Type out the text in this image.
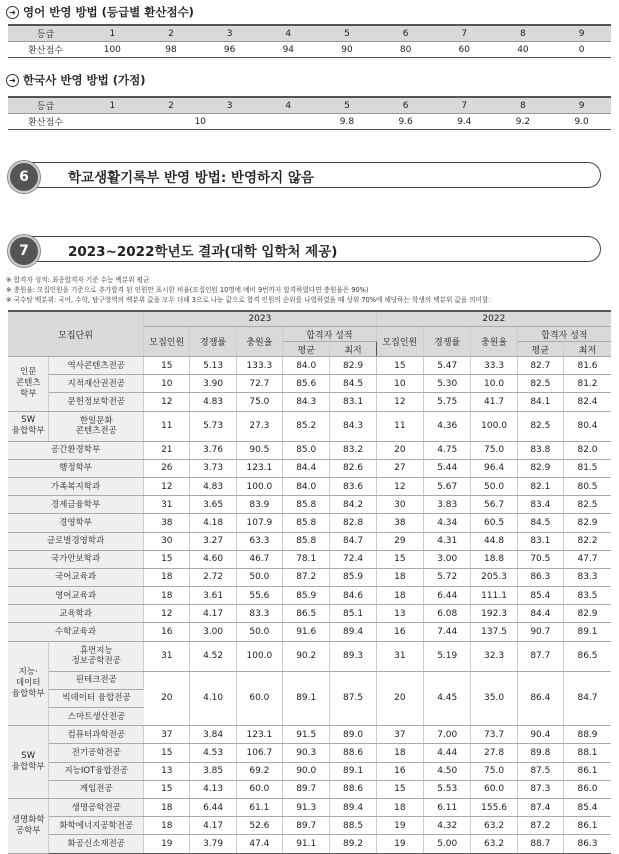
➜ 영어 반영 방법 (등급별 환산점수)
등급	1	2	3	4	5	6	7	8	9
환산점수	100	98	96	94	90	80	60	40	0
➜ 한국사 반영 방법 (가점)
등급	1	2	3	4	5	6	7	8	9
환산점수	10				9.8	9.6	9.4	9.2	9.0
6	학교생활기록부 반영 방법: 반영하지 않음
7	2023~2022학년도 결과(대학 입학처 제공)
※ 합격자 성적: 최종합격자 기준 수능 백분위 평균
※ 충원율: 모집인원을 기준으로 추가합격 된 인원만 표시한 비율(모집인원 10명에 예비 9번까지 합격하였다면 충원율은 90%)
※ 국수탐 백분위: 국어, 수학, 탐구영역의 백분위 값을 모두 더해 3으로 나눈 값으로 합격 인원의 순위를 나열하였을 때 상위 70%에 해당하는 학생의 백분위 값을 의미함.
모집단위		2023					2022				
		모집인원	경쟁률	충원율	합격자 성적		모집인원	경쟁률	충원율	합격자 성적	
					평균	최저				평균	최저
인문
콘텐츠
학부	역사콘텐츠전공	15	5.13	133.3	84.0	82.9	15	5.47	33.3	82.7	81.6
	지적재산권전공	10	3.90	72.7	85.6	84.5	10	5.30	10.0	82.5	81.2
	문헌정보학전공	12	4.83	75.0	84.3	83.1	12	5.75	41.7	84.1	82.4
SW
융합학부	한일문화
콘텐츠전공	11	5.73	27.3	85.2	84.3	11	4.36	100.0	82.5	80.4
공간환경학부		21	3.76	90.5	85.0	83.2	20	4.75	75.0	83.8	82.0
행정학부		26	3.73	123.1	84.4	82.6	27	5.44	96.4	82.9	81.5
가족복지학과		12	4.83	100.0	84.0	83.6	12	5.67	50.0	82.1	80.5
경제금융학부		31	3.65	83.9	85.8	84.2	30	3.83	56.7	83.4	82.5
경영학부		38	4.18	107.9	85.8	82.8	38	4.34	60.5	84.5	82.9
글로벌경영학과		30	3.27	63.3	85.8	84.7	29	4.31	44.8	83.1	82.2
국가안보학과		15	4.60	46.7	78.1	72.4	15	3.00	18.8	70.5	47.7
국어교육과		18	2.72	50.0	87.2	85.9	18	5.72	205.3	86.3	83.3
영어교육과		18	3.61	55.6	85.9	84.6	18	6.44	111.1	85.4	83.5
교육학과		12	4.17	83.3	86.5	85.1	13	6.08	192.3	84.4	82.9
수학교육과		16	3.00	50.0	91.6	89.4	16	7.44	137.5	90.7	89.1
지능·
데이터
융합학부	휴먼지능
정보공학전공	31	4.52	100.0	90.2	89.3	31	5.19	32.3	87.7	86.5
	핀테크전공	20	4.10	60.0	89.1	87.5	20	4.45	35.0	86.4	84.7
	빅데이터 융합전공										
	스마트생산전공										
SW
융합학부	컴퓨터과학전공	37	3.84	123.1	91.5	89.0	37	7.00	73.7	90.4	88.9
	전기공학전공	15	4.53	106.7	90.3	88.6	18	4.44	27.8	89.8	88.1
	지능IOT융합전공	13	3.85	69.2	90.0	89.1	16	4.50	75.0	87.5	86.1
	게임전공	15	4.13	60.0	89.7	88.6	15	5.53	60.0	87.3	86.0
생명화학
공학부	생명공학전공	18	6.44	61.1	91.3	89.4	18	6.11	155.6	87.4	85.4
	화학에너지공학전공	18	4.17	52.6	89.7	88.5	19	4.32	63.2	87.2	86.1
	화공신소재전공	19	3.79	47.4	91.1	89.2	19	5.00	63.2	88.7	86.3
